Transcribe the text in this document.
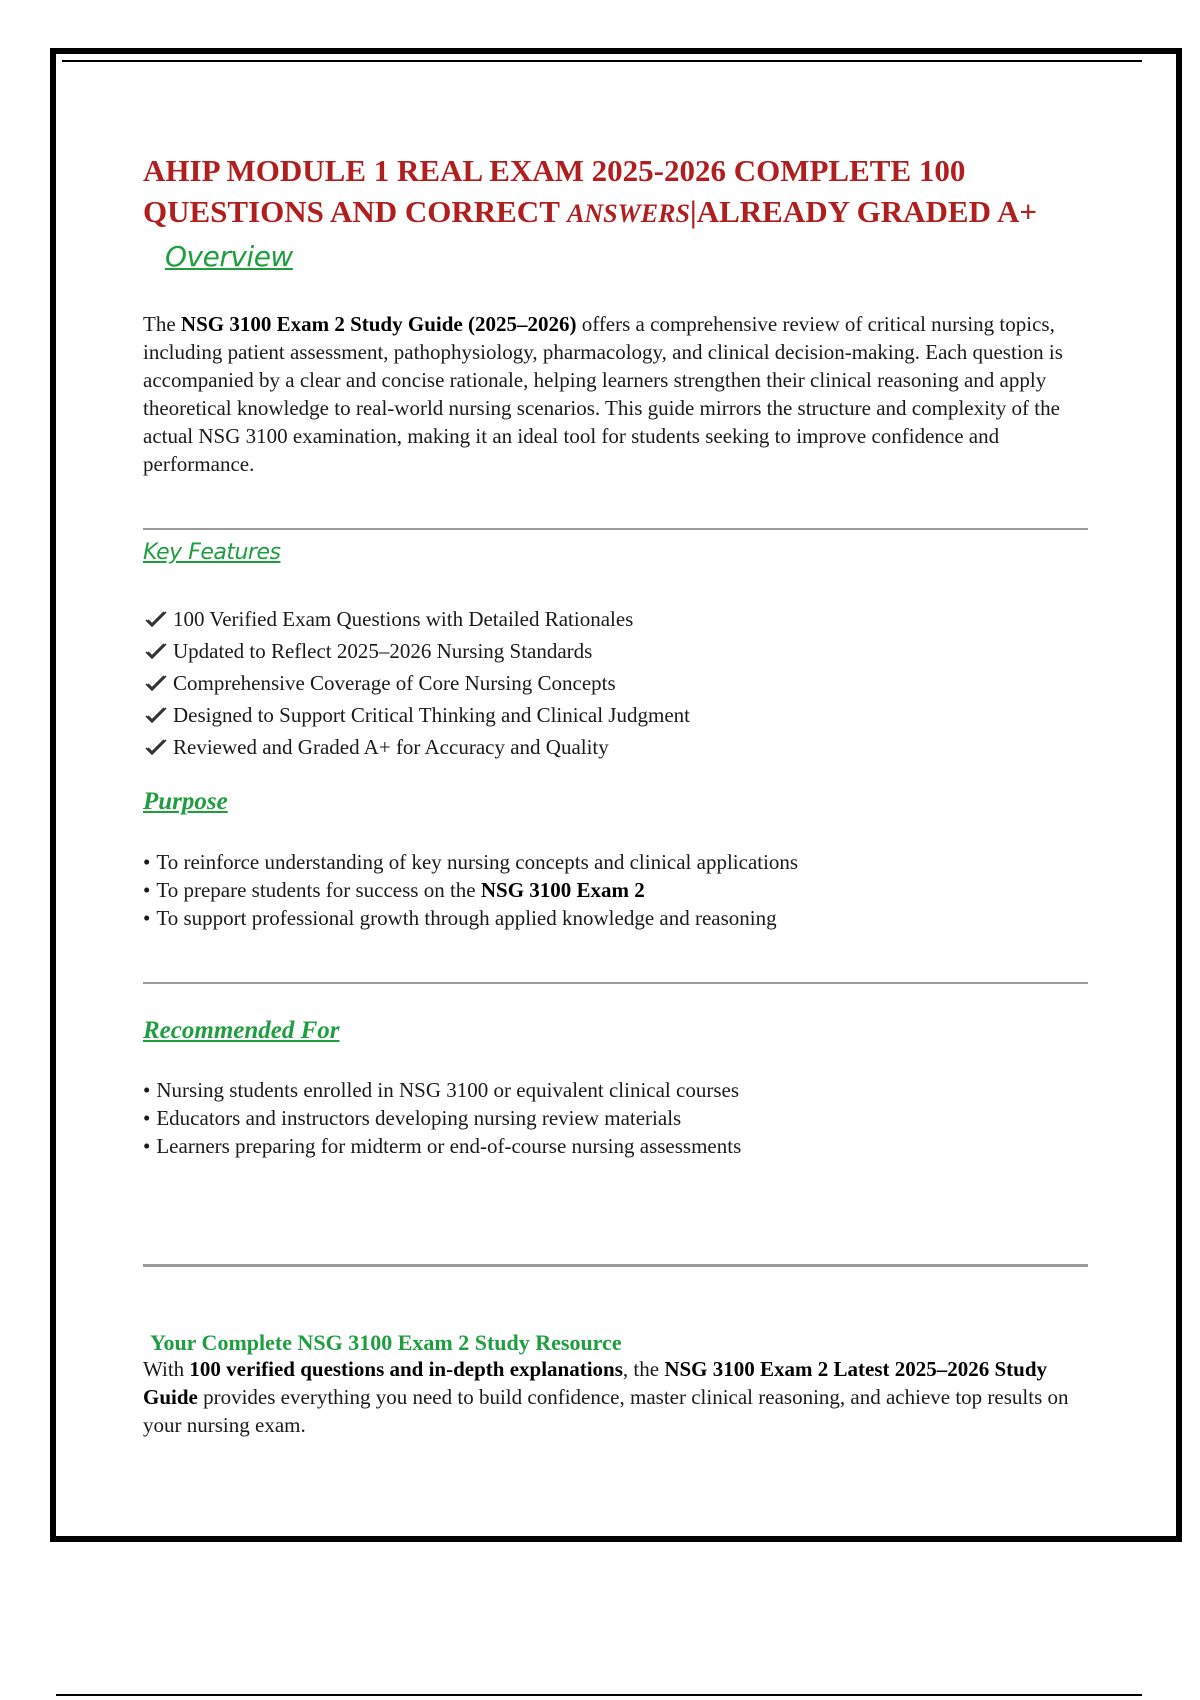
AHIP MODULE 1 REAL EXAM 2025-2026 COMPLETE 100 QUESTIONS AND CORRECT ANSWERS|ALREADY GRADED A+
Overview

The NSG 3100 Exam 2 Study Guide (2025–2026) offers a comprehensive review of critical nursing topics, including patient assessment, pathophysiology, pharmacology, and clinical decision-making. Each question is accompanied by a clear and concise rationale, helping learners strengthen their clinical reasoning and apply theoretical knowledge to real-world nursing scenarios. This guide mirrors the structure and complexity of the actual NSG 3100 examination, making it an ideal tool for students seeking to improve confidence and performance.

Key Features
100 Verified Exam Questions with Detailed Rationales
Updated to Reflect 2025–2026 Nursing Standards
Comprehensive Coverage of Core Nursing Concepts
Designed to Support Critical Thinking and Clinical Judgment
Reviewed and Graded A+ for Accuracy and Quality
Purpose
• To reinforce understanding of key nursing concepts and clinical applications
• To prepare students for success on the NSG 3100 Exam 2
• To support professional growth through applied knowledge and reasoning
Recommended For
• Nursing students enrolled in NSG 3100 or equivalent clinical courses
• Educators and instructors developing nursing review materials
• Learners preparing for midterm or end-of-course nursing assessments
Your Complete NSG 3100 Exam 2 Study Resource

With 100 verified questions and in-depth explanations, the NSG 3100 Exam 2 Latest 2025–2026 Study Guide provides everything you need to build confidence, master clinical reasoning, and achieve top results on your nursing exam.
